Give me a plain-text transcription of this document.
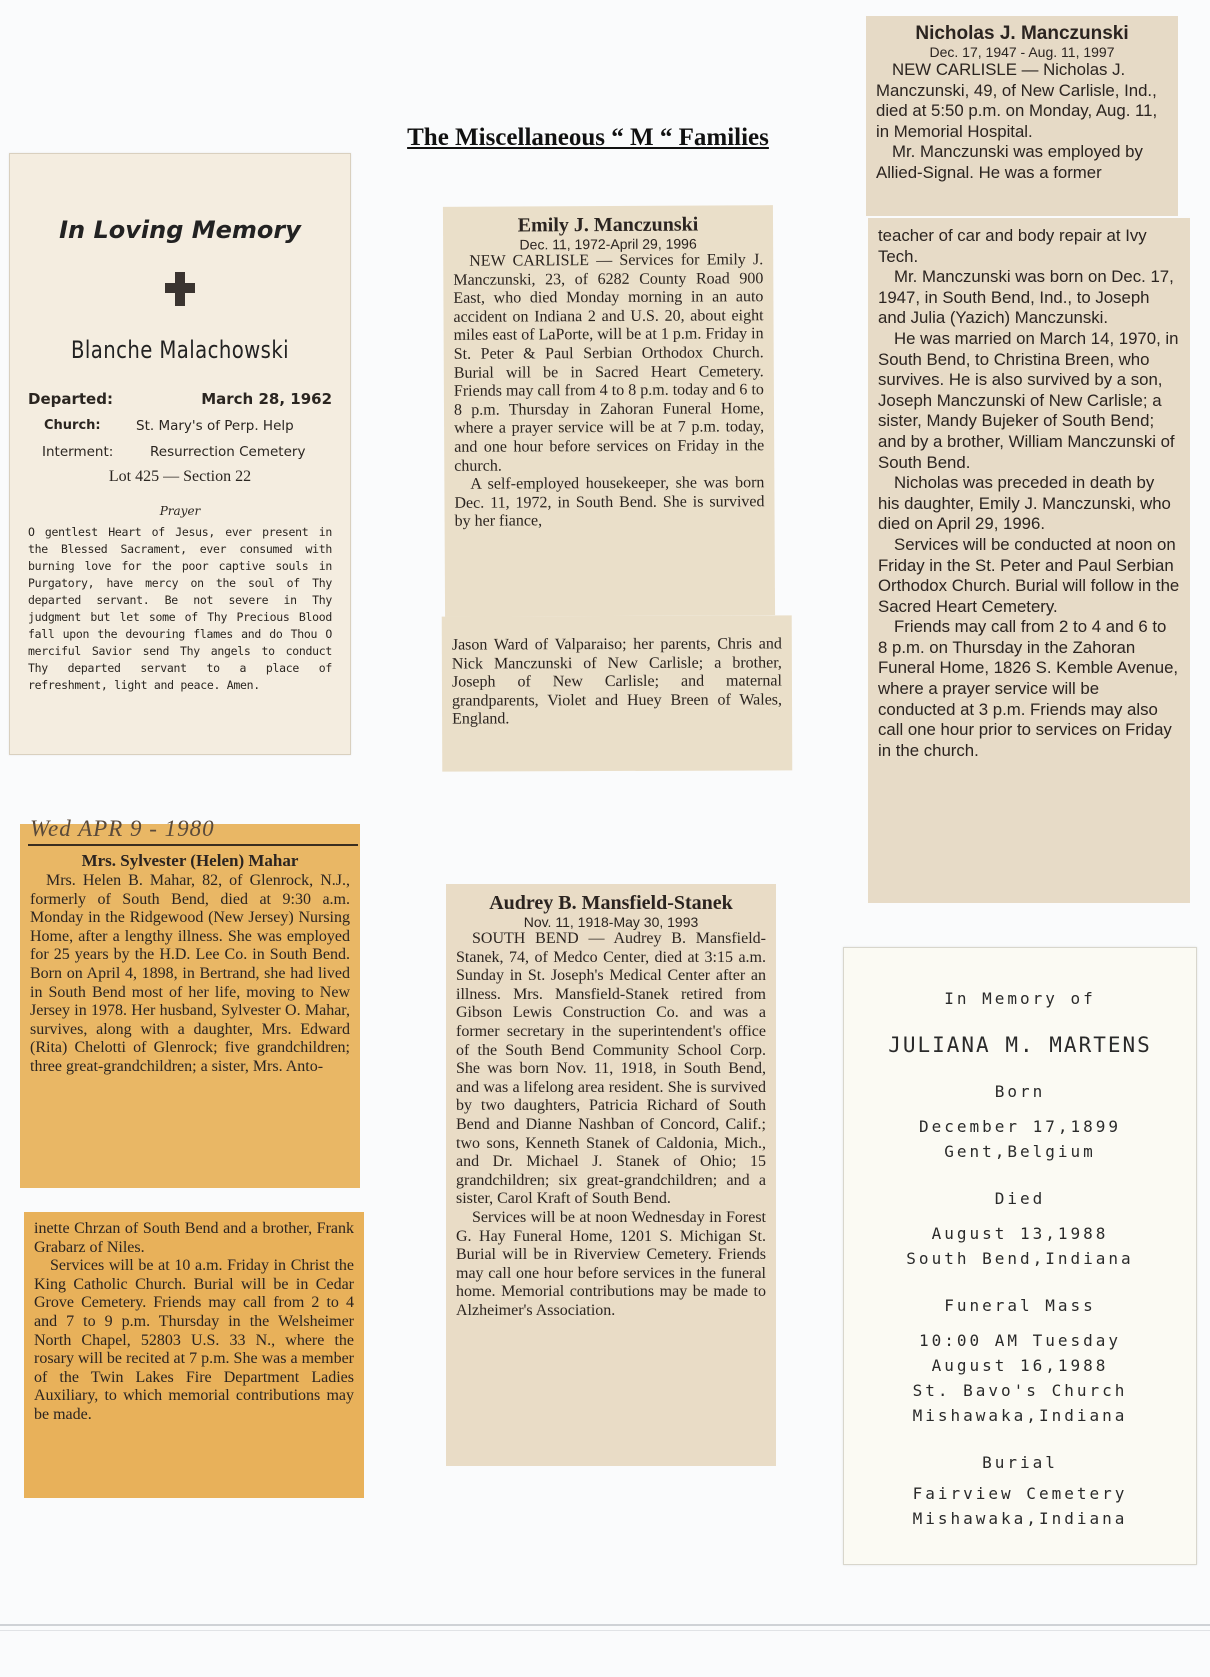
The Miscellaneous “ M “ Families
In Loving Memory
Blanche Malachowski
Departed:	March 28, 1962
Church:	St. Mary's of Perp. Help
Interment:	Resurrection Cemetery
Lot 425 — Section 22
Prayer
O gentlest Heart of Jesus, ever present in the Blessed Sacrament, ever consumed with burning love for the poor captive souls in Purgatory, have mercy on the soul of Thy departed servant. Be not severe in Thy judgment but let some of Thy Precious Blood fall upon the devouring flames and do Thou O merciful Savior send Thy angels to conduct Thy departed servant to a place of refreshment, light and peace. Amen.
Emily J. Manczunski
Dec. 11, 1972-April 29, 1996

NEW CARLISLE — Services for Emily J. Manczunski, 23, of 6282 County Road 900 East, who died Monday morning in an auto accident on Indiana 2 and U.S. 20, about eight miles east of LaPorte, will be at 1 p.m. Friday in St. Peter & Paul Serbian Orthodox Church. Burial will be in Sacred Heart Cemetery. Friends may call from 4 to 8 p.m. today and 6 to 8 p.m. Thursday in Zahoran Funeral Home, where a prayer service will be at 7 p.m. today, and one hour before services on Friday in the church.

A self-employed housekeeper, she was born Dec. 11, 1972, in South Bend. She is survived by her fiance,

Jason Ward of Valparaiso; her parents, Chris and Nick Manczunski of New Carlisle; a brother, Joseph of New Carlisle; and maternal grandparents, Violet and Huey Breen of Wales, England.

Nicholas J. Manczunski
Dec. 17, 1947 - Aug. 11, 1997

NEW CARLISLE — Nicholas J. Manczunski, 49, of New Carlisle, Ind., died at 5:50 p.m. on Monday, Aug. 11, in Memorial Hospital.

Mr. Manczunski was employed by Allied-Signal. He was a former

teacher of car and body repair at Ivy Tech.

Mr. Manczunski was born on Dec. 17, 1947, in South Bend, Ind., to Joseph and Julia (Yazich) Manczunski.

He was married on March 14, 1970, in South Bend, to Christina Breen, who survives. He is also survived by a son, Joseph Manczunski of New Carlisle; a sister, Mandy Bujeker of South Bend; and by a brother, William Manczunski of South Bend.

Nicholas was preceded in death by his daughter, Emily J. Manczunski, who died on April 29, 1996.

Services will be conducted at noon on Friday in the St. Peter and Paul Serbian Orthodox Church. Burial will follow in the Sacred Heart Cemetery.

Friends may call from 2 to 4 and 6 to 8 p.m. on Thursday in the Zahoran Funeral Home, 1826 S. Kemble Avenue, where a prayer service will be conducted at 3 p.m. Friends may also call one hour prior to services on Friday in the church.

Wed APR 9 - 1980
Mrs. Sylvester (Helen) Mahar

Mrs. Helen B. Mahar, 82, of Glenrock, N.J., formerly of South Bend, died at 9:30 a.m. Monday in the Ridgewood (New Jersey) Nursing Home, after a lengthy illness. She was employed for 25 years by the H.D. Lee Co. in South Bend. Born on April 4, 1898, in Bertrand, she had lived in South Bend most of her life, moving to New Jersey in 1978. Her husband, Sylvester O. Mahar, survives, along with a daughter, Mrs. Edward (Rita) Chelotti of Glenrock; five grandchildren; three great-grandchildren; a sister, Mrs. Anto-

inette Chrzan of South Bend and a brother, Frank Grabarz of Niles.

Services will be at 10 a.m. Friday in Christ the King Catholic Church. Burial will be in Cedar Grove Cemetery. Friends may call from 2 to 4 and 7 to 9 p.m. Thursday in the Welsheimer North Chapel, 52803 U.S. 33 N., where the rosary will be recited at 7 p.m. She was a member of the Twin Lakes Fire Department Ladies Auxiliary, to which memorial contributions may be made.

Audrey B. Mansfield-Stanek
Nov. 11, 1918-May 30, 1993

SOUTH BEND — Audrey B. Mansfield-Stanek, 74, of Medco Center, died at 3:15 a.m. Sunday in St. Joseph's Medical Center after an illness. Mrs. Mansfield-Stanek retired from Gibson Lewis Construction Co. and was a former secretary in the superintendent's office of the South Bend Community School Corp. She was born Nov. 11, 1918, in South Bend, and was a lifelong area resident. She is survived by two daughters, Patricia Richard of South Bend and Dianne Nashban of Concord, Calif.; two sons, Kenneth Stanek of Caldonia, Mich., and Dr. Michael J. Stanek of Ohio; 15 grandchildren; six great-grandchildren; and a sister, Carol Kraft of South Bend.

Services will be at noon Wednesday in Forest G. Hay Funeral Home, 1201 S. Michigan St. Burial will be in Riverview Cemetery. Friends may call one hour before services in the funeral home. Memorial contributions may be made to Alzheimer's Association.

In Memory of
JULIANA M. MARTENS
Born
December 17,1899
Gent,Belgium
Died
August 13,1988
South Bend,Indiana
Funeral Mass
10:00 AM Tuesday
August 16,1988
St. Bavo's Church
Mishawaka,Indiana
Burial
Fairview Cemetery
Mishawaka,Indiana
